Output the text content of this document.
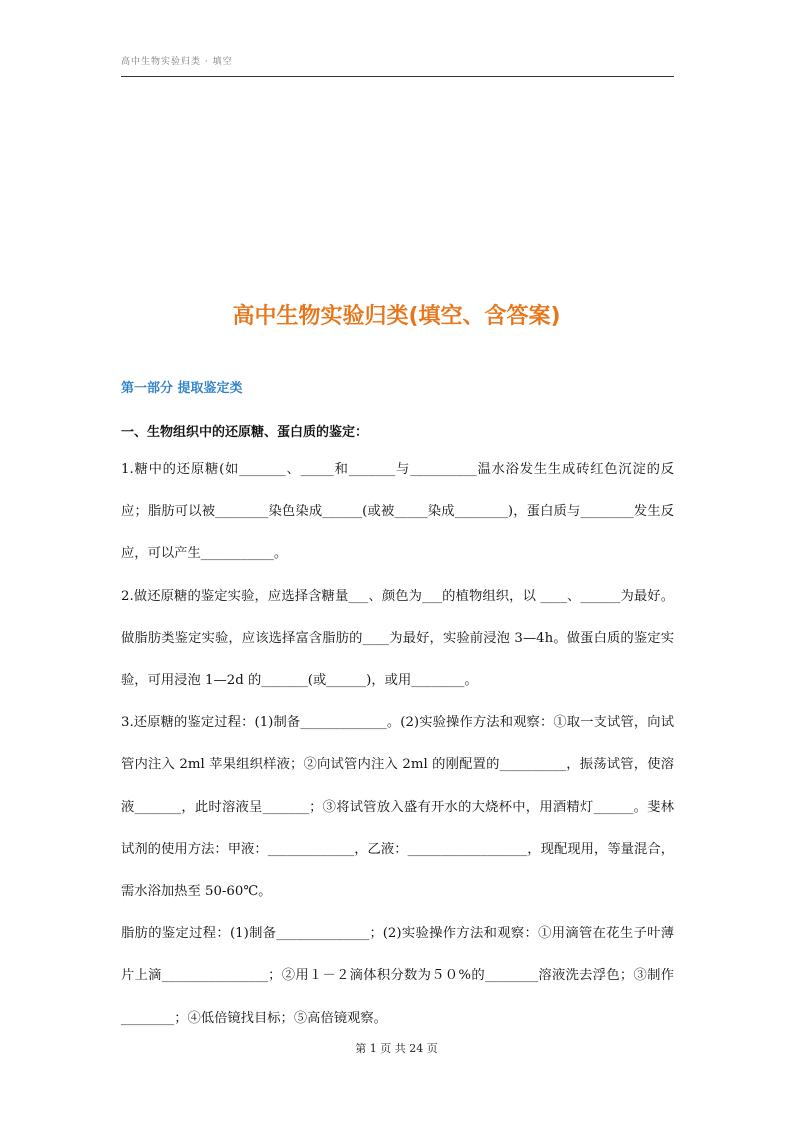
高中生物实验归类 · 填空
高中生物实验归类(填空、含答案)
第一部分 提取鉴定类
一、生物组织中的还原糖、蛋白质的鉴定：

1.糖中的还原糖(如_______、_____和_______与__________温水浴发生生成砖红色沉淀的反应；脂肪可以被________染色染成______(或被_____染成________)，蛋白质与________发生反应，可以产生___________。

2.做还原糖的鉴定实验，应选择含糖量___、颜色为___的植物组织，以 ____、______为最好。做脂肪类鉴定实验，应该选择富含脂肪的____为最好，实验前浸泡 3—4h。做蛋白质的鉴定实验，可用浸泡 1—2d 的_______(或______)，或用________。

3.还原糖的鉴定过程：(1)制备_____________。(2)实验操作方法和观察：①取一支试管，向试管内注入 2ml 苹果组织样液；②向试管内注入 2ml 的刚配置的__________，振荡试管，使溶液_______，此时溶液呈_______；③将试管放入盛有开水的大烧杯中，用酒精灯______。斐林试剂的使用方法：甲液：_____________，乙液：__________________，现配现用，等量混合，需水浴加热至 50-60℃。

脂肪的鉴定过程：(1)制备______________；(2)实验操作方法和观察：①用滴管在花生子叶薄片上滴________________；②用１－２滴体积分数为５０%的________溶液洗去浮色；③制作________；④低倍镜找目标；⑤高倍镜观察。

第 1 页 共 24 页
